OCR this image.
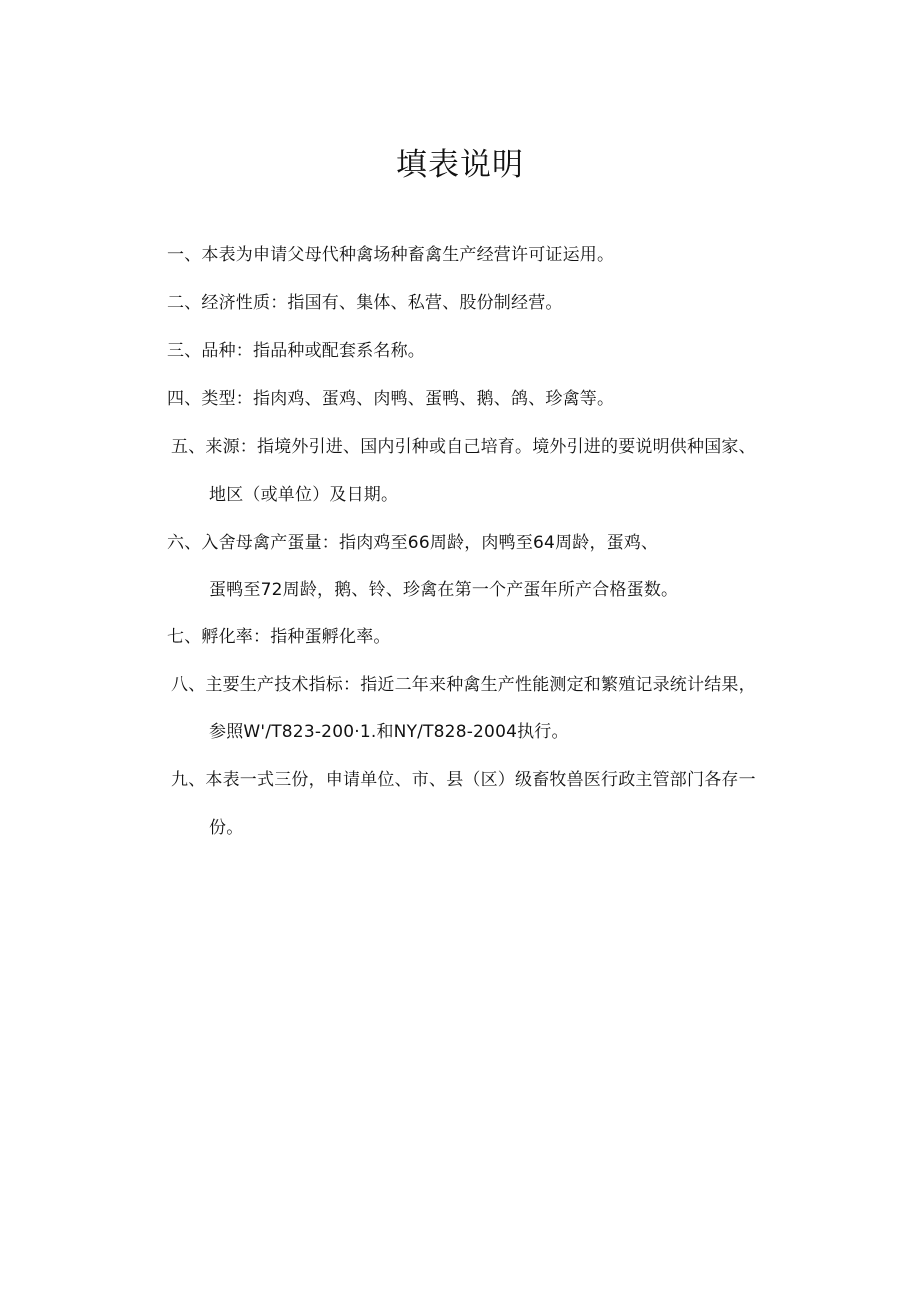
填表说明
一、本表为申请父母代种禽场种畜禽生产经营许可证运用。
二、经济性质：指国有、集体、私营、股份制经营。
三、品种：指品种或配套系名称。
四、类型：指肉鸡、蛋鸡、肉鸭、蛋鸭、鹅、鸽、珍禽等。
五、来源：指境外引进、国内引种或自己培育。境外引进的要说明供种国家、
地区（或单位）及日期。
六、入舍母禽产蛋量：指肉鸡至66周龄，肉鸭至64周龄，蛋鸡、
蛋鸭至72周龄，鹅、铃、珍禽在第一个产蛋年所产合格蛋数。
七、孵化率：指种蛋孵化率。
八、主要生产技术指标：指近二年来种禽生产性能测定和繁殖记录统计结果，
参照W'/T823-200·1.和NY/T828-2004执行。
九、本表一式三份，申请单位、市、县（区）级畜牧兽医行政主管部门各存一
份。
